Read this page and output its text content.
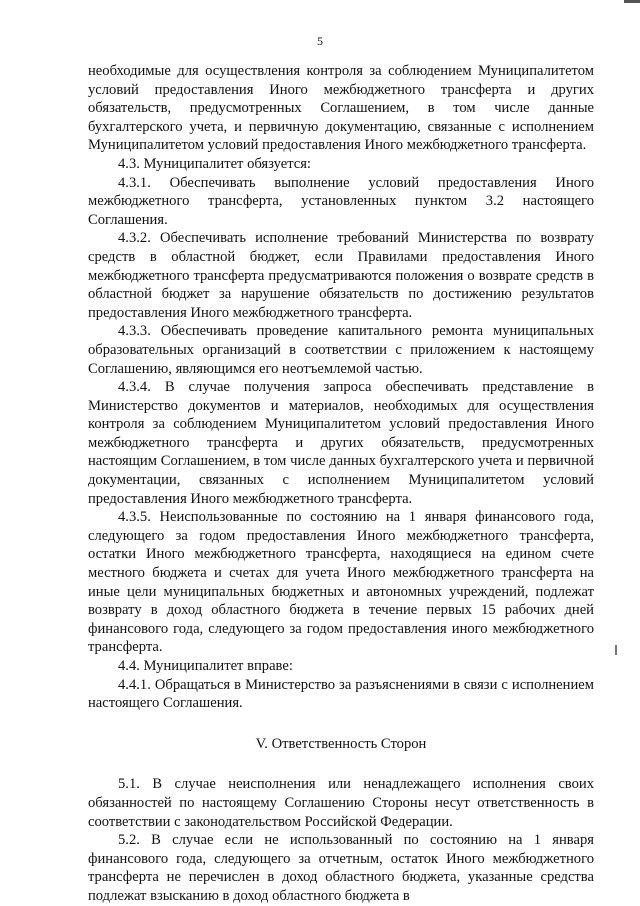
5

необходимые для осуществления контроля за соблюдением Муниципалитетом условий предоставления Иного межбюджетного трансферта и других обязательств, предусмотренных Соглашением, в том числе данные бухгалтерского учета, и первичную документацию, связанные с исполнением Муниципалитетом условий предоставления Иного межбюджетного трансферта.

4.3. Муниципалитет обязуется:

4.3.1. Обеспечивать выполнение условий предоставления Иного межбюджетного трансферта, установленных пунктом 3.2 настоящего Соглашения.

4.3.2. Обеспечивать исполнение требований Министерства по возврату средств в областной бюджет, если Правилами предоставления Иного межбюджетного трансферта предусматриваются положения о возврате средств в областной бюджет за нарушение обязательств по достижению результатов предоставления Иного межбюджетного трансферта.

4.3.3. Обеспечивать проведение капитального ремонта муниципальных образовательных организаций в соответствии с приложением к настоящему Соглашению, являющимся его неотъемлемой частью.

4.3.4. В случае получения запроса обеспечивать представление в Министерство документов и материалов, необходимых для осуществления контроля за соблюдением Муниципалитетом условий предоставления Иного межбюджетного трансферта и других обязательств, предусмотренных настоящим Соглашением, в том числе данных бухгалтерского учета и первичной документации, связанных с исполнением Муниципалитетом условий предоставления Иного межбюджетного трансферта.

4.3.5. Неиспользованные по состоянию на 1 января финансового года, следующего за годом предоставления Иного межбюджетного трансферта, остатки Иного межбюджетного трансферта, находящиеся на едином счете местного бюджета и счетах для учета Иного межбюджетного трансферта на иные цели муниципальных бюджетных и автономных учреждений, подлежат возврату в доход областного бюджета в течение первых 15 рабочих дней финансового года, следующего за годом предоставления иного межбюджетного трансферта.

4.4. Муниципалитет вправе:

4.4.1. Обращаться в Министерство за разъяснениями в связи с исполнением настоящего Соглашения.

V. Ответственность Сторон

5.1. В случае неисполнения или ненадлежащего исполнения своих обязанностей по настоящему Соглашению Стороны несут ответственность в соответствии с законодательством Российской Федерации.

5.2. В случае если не использованный по состоянию на 1 января финансового года, следующего за отчетным, остаток Иного межбюджетного трансферта не перечислен в доход областного бюджета, указанные средства подлежат взысканию в доход областного бюджета в
